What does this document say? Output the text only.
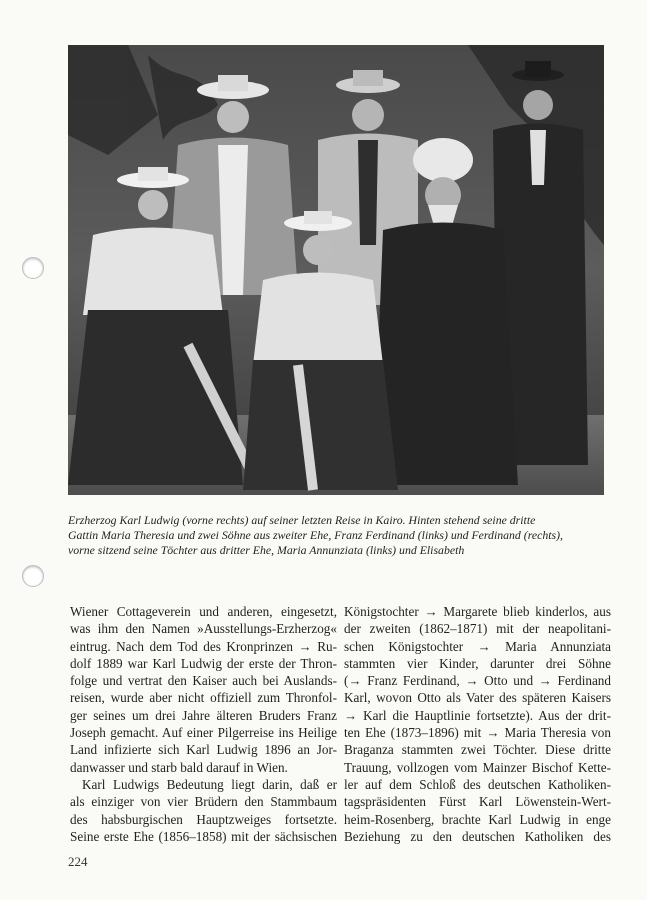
Erzherzog Karl Ludwig (vorne rechts) auf seiner letzten Reise in Kairo. Hinten stehend seine dritte
Gattin Maria Theresia und zwei Söhne aus zweiter Ehe, Franz Ferdinand (links) und Ferdinand (rechts),
vorne sitzend seine Töchter aus dritter Ehe, Maria Annunziata (links) und Elisabeth
Wiener Cottageverein und anderen, eingesetzt,
was ihm den Namen »Ausstellungs-Erzherzog«
eintrug. Nach dem Tod des Kronprinzen → Ru-
dolf 1889 war Karl Ludwig der erste der Thron-
folge und vertrat den Kaiser auch bei Auslands-
reisen, wurde aber nicht offiziell zum Thronfol-
ger seines um drei Jahre älteren Bruders Franz
Joseph gemacht. Auf einer Pilgerreise ins Heilige
Land infizierte sich Karl Ludwig 1896 an Jor-
danwasser und starb bald darauf in Wien.
Karl Ludwigs Bedeutung liegt darin, daß er
als einziger von vier Brüdern den Stammbaum
des habsburgischen Hauptzweiges fortsetzte.
Seine erste Ehe (1856–1858) mit der sächsischen
Königstochter → Margarete blieb kinderlos, aus
der zweiten (1862–1871) mit der neapolitani-
schen Königstochter → Maria Annunziata
stammten vier Kinder, darunter drei Söhne
(→ Franz Ferdinand, → Otto und → Ferdinand
Karl, wovon Otto als Vater des späteren Kaisers
→ Karl die Hauptlinie fortsetzte). Aus der drit-
ten Ehe (1873–1896) mit → Maria Theresia von
Braganza stammten zwei Töchter. Diese dritte
Trauung, vollzogen vom Mainzer Bischof Kette-
ler auf dem Schloß des deutschen Katholiken-
tagspräsidenten Fürst Karl Löwenstein-Wert-
heim-Rosenberg, brachte Karl Ludwig in enge
Beziehung zu den deutschen Katholiken des
224
